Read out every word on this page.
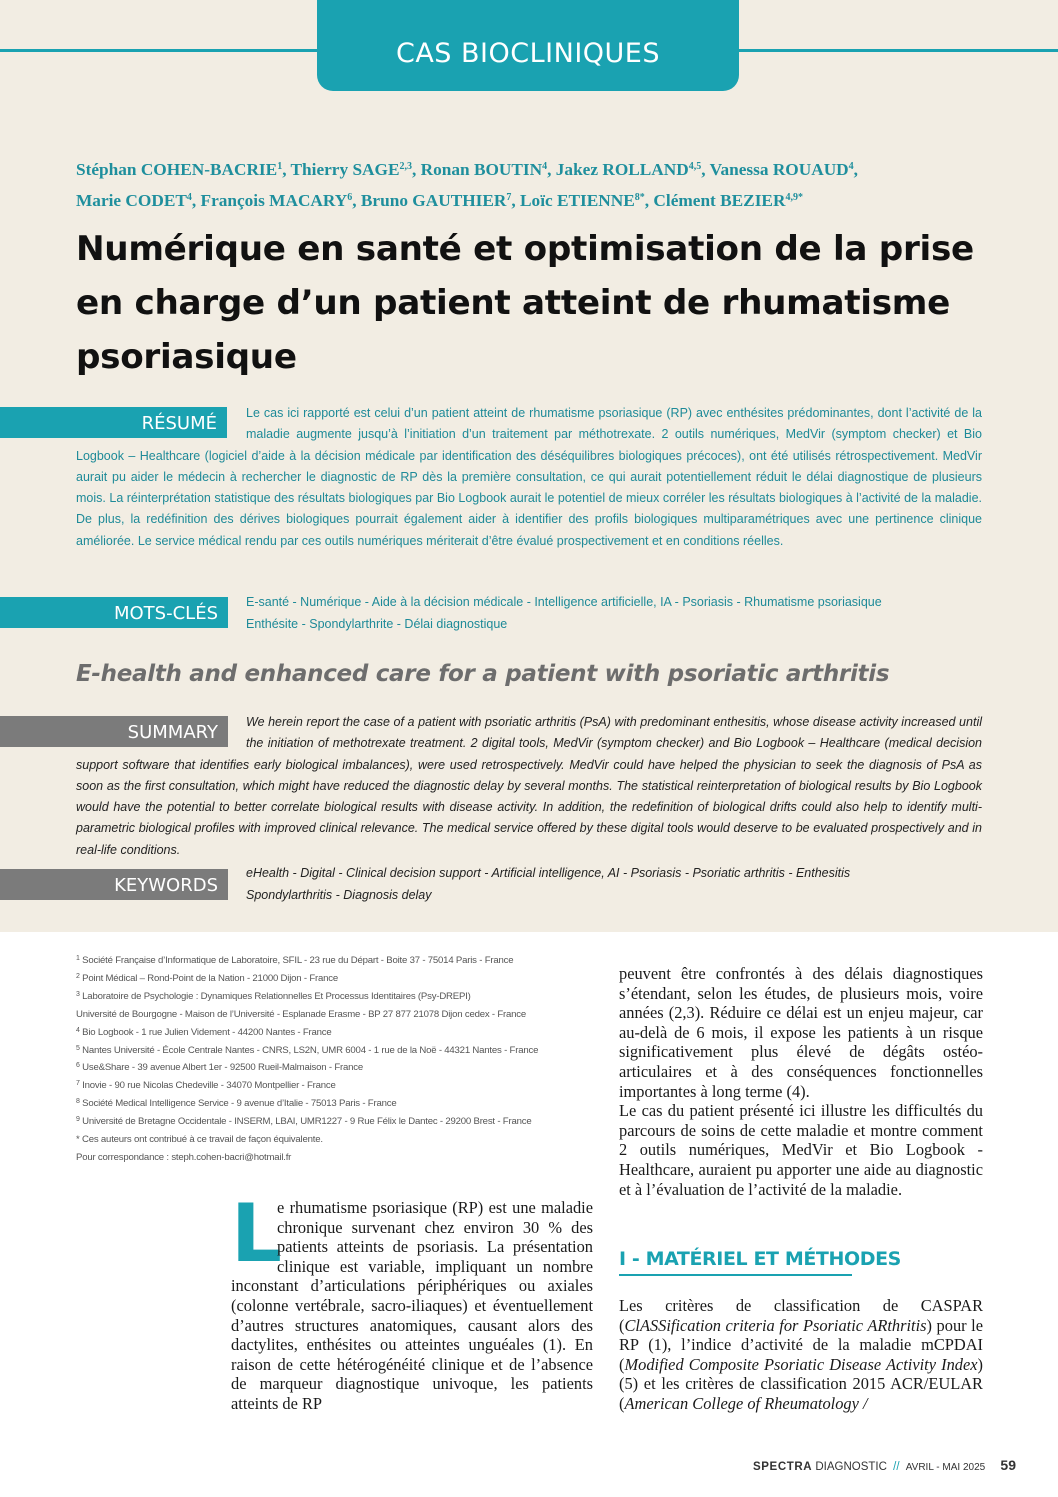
CAS BIOCLINIQUES
Stéphan COHEN-BACRIE$^1$, Thierry SAGE$^{2,3}$, Ronan BOUTIN$^4$, Jakez ROLLAND$^{4,5}$, Vanessa ROUAUD$^4$,
Marie CODET$^4$, François MACARY$^6$, Bruno GAUTHIER$^7$, Loïc $ETIENNE^{8*}$, Clément $BEZIER^{4,9*}$
Numérique en santé et optimisation de la prise en charge d’un patient atteint de rhumatisme psoriasique
RÉSUMÉ	Le cas ici rapporté est celui d’un patient atteint de rhumatisme psoriasique (RP) avec enthésites prédominantes, dont l’activité de la maladie augmente jusqu’à l’initiation d’un traitement par méthotrexate. 2 outils numériques, MedVir (symptom checker) et Bio Logbook – Healthcare (logiciel d’aide à la décision médicale par identification des déséquilibres biologiques précoces), ont été utilisés rétrospectivement. MedVir aurait pu aider le médecin à rechercher le diagnostic de RP dès la première consultation, ce qui aurait potentiellement réduit le délai diagnostique de plusieurs mois. La réinterprétation statistique des résultats biologiques par Bio Logbook aurait le potentiel de mieux corréler les résultats biologiques à l’activité de la maladie. De plus, la redéfinition des dérives biologiques pourrait également aider à identifier des profils biologiques multiparamétriques avec une pertinence clinique améliorée. Le service médical rendu par ces outils numériques mériterait d’être évalué prospectivement et en conditions réelles.
MOTS-CLÉS
E-santé - Numérique - Aide à la décision médicale - Intelligence artificielle, IA - Psoriasis - Rhumatisme psoriasique
Enthésite - Spondylarthrite - Délai diagnostique
E-health and enhanced care for a patient with psoriatic arthritis
SUMMARY	We herein report the case of a patient with psoriatic arthritis (PsA) with predominant enthesitis, whose disease activity increased until the initiation of methotrexate treatment. 2 digital tools, MedVir (symptom checker) and Bio Logbook – Healthcare (medical decision support software that identifies early biological imbalances), were used retrospectively. MedVir could have helped the physician to seek the diagnosis of PsA as soon as the first consultation, which might have reduced the diagnostic delay by several months. The statistical reinterpretation of biological results by Bio Logbook would have the potential to better correlate biological results with disease activity. In addition, the redefinition of biological drifts could also help to identify multi-parametric biological profiles with improved clinical relevance. The medical service offered by these digital tools would deserve to be evaluated prospectively and in real-life conditions.
KEYWORDS
eHealth - Digital - Clinical decision support - Artificial intelligence, AI - Psoriasis - Psoriatic arthritis - Enthesitis
Spondylarthritis - Diagnosis delay
$^1$ Société Française d’Informatique de Laboratoire, SFIL - 23 rue du Départ - Boite 37 - 75014 Paris - France
$^2$ Point Médical – Rond-Point de la Nation - 21000 Dijon - France
$^3$ Laboratoire de Psychologie : Dynamiques Relationnelles Et Processus Identitaires (Psy-DREPI)
Université de Bourgogne - Maison de l’Université - Esplanade Erasme - BP 27 877 21078 Dijon cedex - France
$^4$ Bio Logbook - 1 rue Julien Videment - 44200 Nantes - France
$^5$ Nantes Université - École Centrale Nantes - CNRS, LS2N, UMR 6004 - 1 rue de la Noë - 44321 Nantes - France
$^6$ Use&Share - 39 avenue Albert 1er - 92500 Rueil-Malmaison - France
$^7$ Inovie - 90 rue Nicolas Chedeville - 34070 Montpellier - France
$^8$ Société Medical Intelligence Service - 9 avenue d’Italie - 75013 Paris - France
$^9$ Université de Bretagne Occidentale - INSERM, LBAI, UMR1227 - 9 Rue Félix le Dantec - 29200 Brest - France
* Ces auteurs ont contribué à ce travail de façon équivalente.
Pour correspondance : steph.cohen-bacri@hotmail.fr
L
e rhumatisme psoriasique (RP) est une maladie chronique survenant chez environ 30 % des patients atteints de psoriasis. La présentation clinique est variable, impliquant un nombre inconstant d’articulations périphériques ou axiales (colonne vertébrale, sacro-iliaques) et éventuellement d’autres structures anatomiques, causant alors des dactylites, enthésites ou atteintes unguéales (1). En raison de cette hétérogénéité clinique et de l’absence de marqueur diagnostique univoque, les patients atteints de RP
peuvent être confrontés à des délais diagnostiques s’étendant, selon les études, de plusieurs mois, voire années (2,3). Réduire ce délai est un enjeu majeur, car au-delà de 6 mois, il expose les patients à un risque significativement plus élevé de dégâts ostéo-articulaires et à des conséquences fonctionnelles importantes à long terme (4).
Le cas du patient présenté ici illustre les difficultés du parcours de soins de cette maladie et montre comment 2 outils numériques, MedVir et Bio Logbook - Healthcare, auraient pu apporter une aide au diagnostic et à l’évaluation de l’activité de la maladie.
I - MATÉRIEL ET MÉTHODES
Les critères de classification de CASPAR (ClASSification criteria for Psoriatic ARthritis) pour le RP (1), l’indice d’activité de la maladie mCPDAI (Modified Composite Psoriatic Disease Activity Index) (5) et les critères de classification 2015 ACR/EULAR (American College of Rheumatology /
SPECTRA DIAGNOSTIC // AVRIL - MAI 2025 59
